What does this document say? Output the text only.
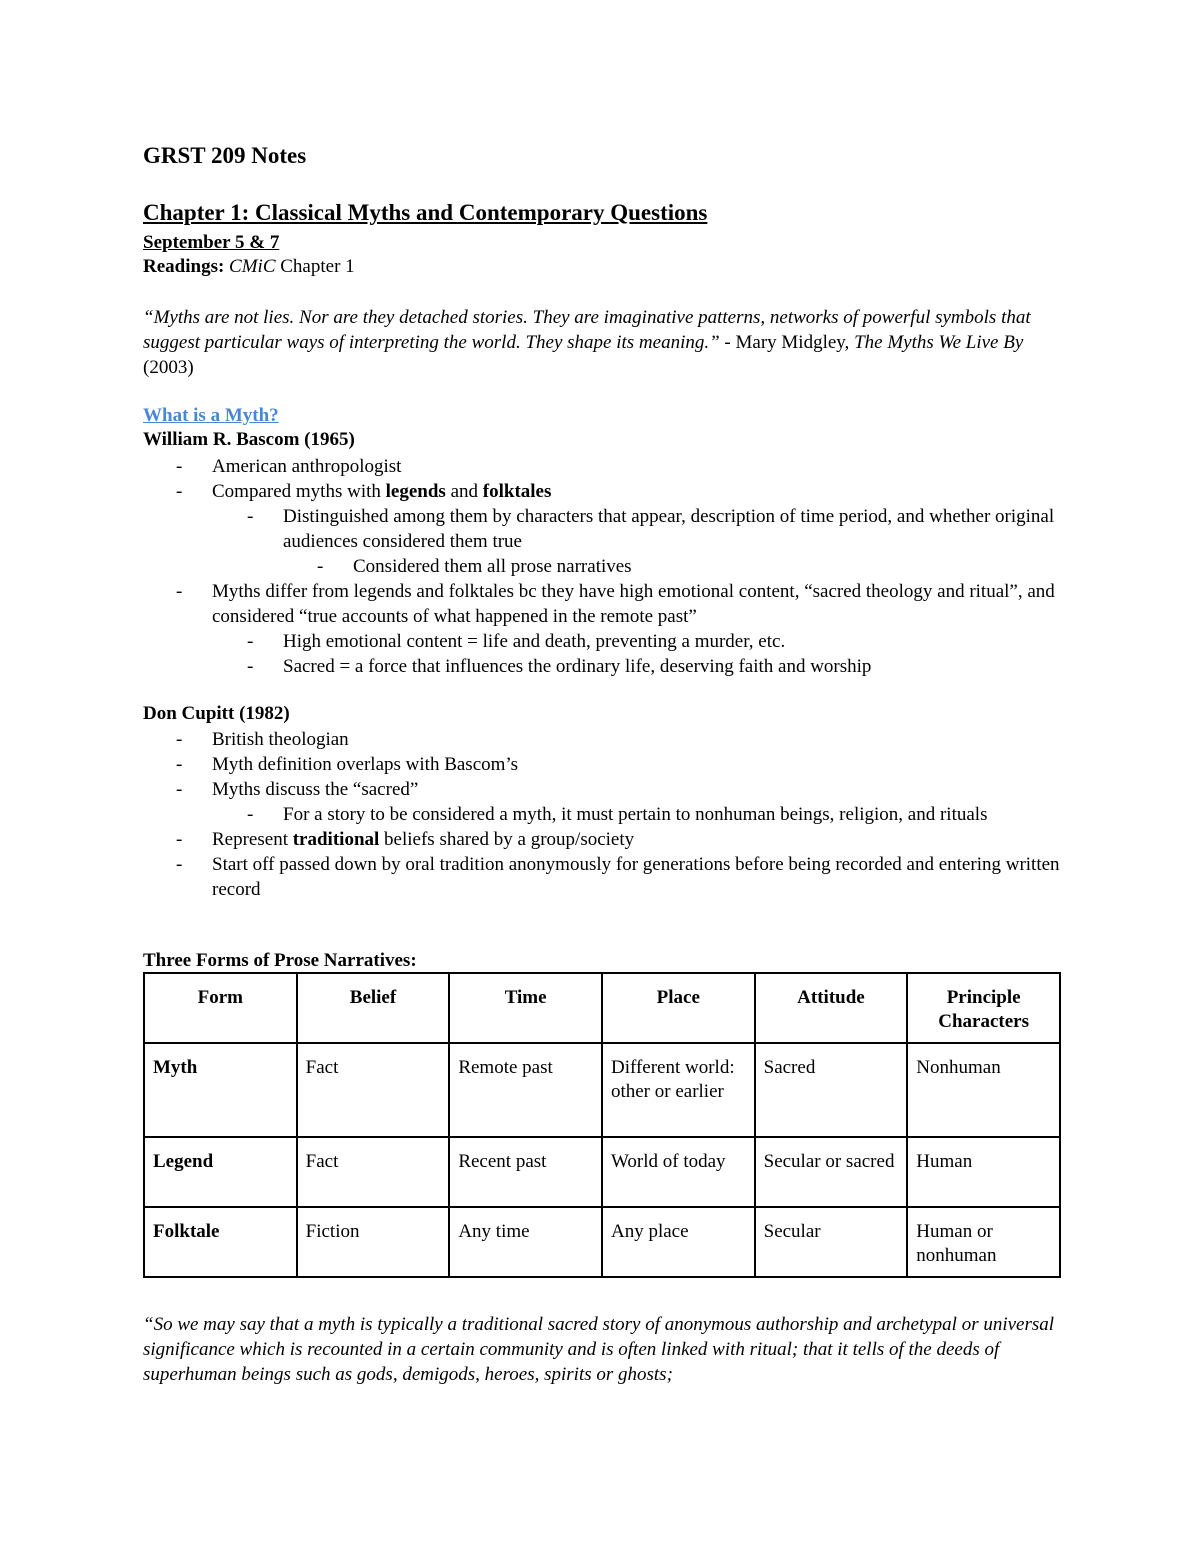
GRST 209 Notes
Chapter 1: Classical Myths and Contemporary Questions
September 5 & 7
Readings: CMiC Chapter 1
“Myths are not lies. Nor are they detached stories. They are imaginative patterns, networks of powerful symbols that suggest particular ways of interpreting the world. They shape its meaning.” - Mary Midgley, The Myths We Live By (2003)
What is a Myth?
William R. Bascom (1965)
- American anthropologist
- Compared myths with legends and folktales
- Distinguished among them by characters that appear, description of time period, and whether original audiences considered them true
- Considered them all prose narratives
- Myths differ from legends and folktales bc they have high emotional content, “sacred theology and ritual”, and considered “true accounts of what happened in the remote past”
- High emotional content = life and death, preventing a murder, etc.
- Sacred = a force that influences the ordinary life, deserving faith and worship
Don Cupitt (1982)
- British theologian
- Myth definition overlaps with Bascom’s
- Myths discuss the “sacred”
- For a story to be considered a myth, it must pertain to nonhuman beings, religion, and rituals
- Represent traditional beliefs shared by a group/society
- Start off passed down by oral tradition anonymously for generations before being recorded and entering written record
Three Forms of Prose Narratives:
Form	Belief	Time	Place	Attitude	Principle Characters
Myth	Fact	Remote past	Different world: other or earlier	Sacred	Nonhuman
Legend	Fact	Recent past	World of today	Secular or sacred	Human
Folktale	Fiction	Any time	Any place	Secular	Human or nonhuman
“So we may say that a myth is typically a traditional sacred story of anonymous authorship and archetypal or universal significance which is recounted in a certain community and is often linked with ritual; that it tells of the deeds of superhuman beings such as gods, demigods, heroes, spirits or ghosts;
